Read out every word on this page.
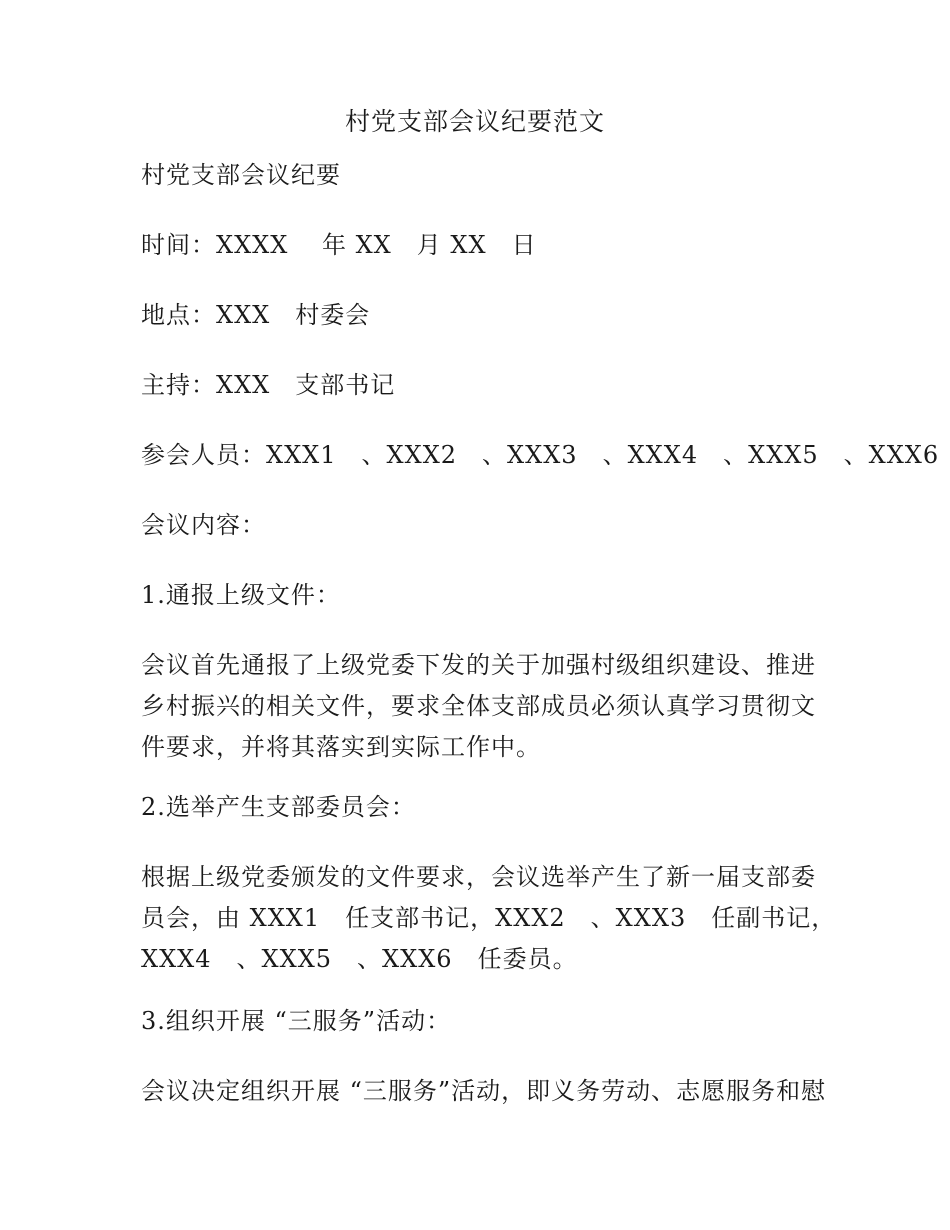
村党支部会议纪要范文
村党支部会议纪要
时间：XXXX　 年 XX　月 XX　日
地点：XXX　村委会
主持：XXX　支部书记
参会人员：XXX1　、XXX2　、XXX3　、XXX4　、XXX5　、XXX6
会议内容：
1.通报上级文件：
会议首先通报了上级党委下发的关于加强村级组织建设、推进
乡村振兴的相关文件，要求全体支部成员必须认真学习贯彻文
件要求，并将其落实到实际工作中。
2.选举产生支部委员会：
根据上级党委颁发的文件要求，会议选举产生了新一届支部委
员会，由 XXX1　任支部书记，XXX2　、XXX3　任副书记，
XXX4　、XXX5　、XXX6　任委员。
3.组织开展 “三服务”活动：
会议决定组织开展 “三服务”活动，即义务劳动、志愿服务和慰
